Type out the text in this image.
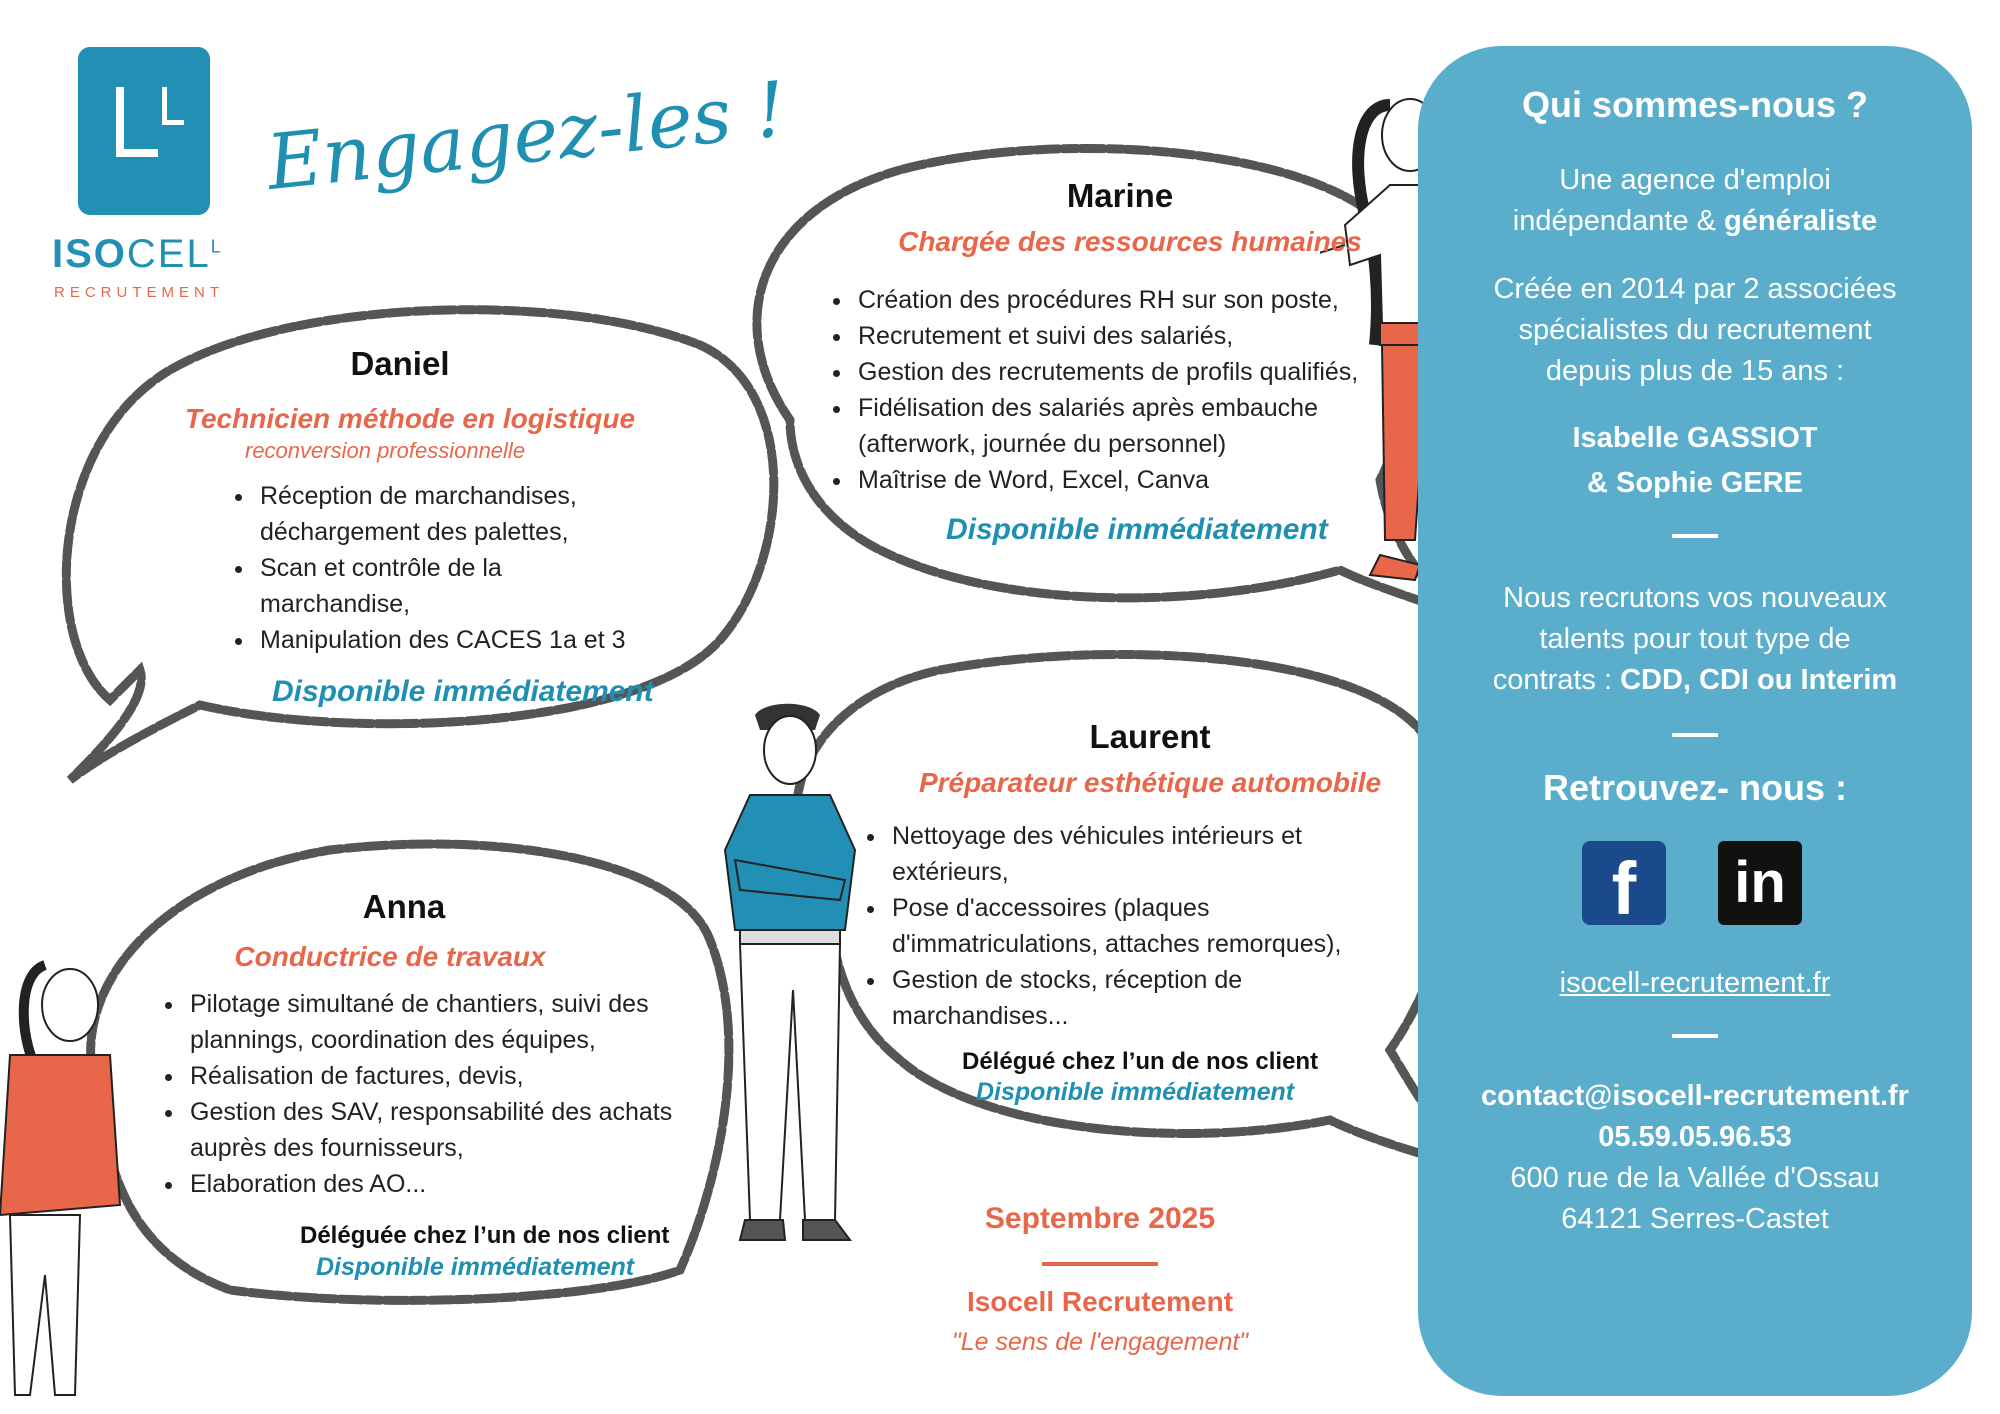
$ISOCEL^L$
RECRUTEMENT
Engagez-les !
Daniel
Technicien méthode en logistique
reconversion professionnelle
• Réception de marchandises, déchargement des palettes,
• Scan et contrôle de la marchandise,
• Manipulation des CACES 1a et 3
Disponible immédiatement
Marine
Chargée des ressources humaines
• Création des procédures RH sur son poste,
• Recrutement et suivi des salariés,
• Gestion des recrutements de profils qualifiés,
• Fidélisation des salariés après embauche (afterwork, journée du personnel)
• Maîtrise de Word, Excel, Canva
Disponible immédiatement
Laurent
Préparateur esthétique automobile
• Nettoyage des véhicules intérieurs et extérieurs,
• Pose d'accessoires (plaques d'immatriculations, attaches remorques),
• Gestion de stocks, réception de marchandises...
Délégué chez l’un de nos client
Disponible immédiatement
Anna
Conductrice de travaux
• Pilotage simultané de chantiers, suivi des plannings, coordination des équipes,
• Réalisation de factures, devis,
• Gestion des SAV, responsabilité des achats auprès des fournisseurs,
• Elaboration des AO...
Déléguée chez l’un de nos client
Disponible immédiatement
Septembre 2025
Isocell Recrutement
"Le sens de l'engagement"
Qui sommes-nous ?
Une agence d'emploi
indépendante & généraliste
Créée en 2014 par 2 associées
spécialistes du recrutement
depuis plus de 15 ans :
Isabelle GASSIOT
& Sophie GERE
Nous recrutons vos nouveaux
talents pour tout type de
contrats : CDD, CDI ou Interim
Retrouvez- nous :
f	in
isocell-recrutement.fr
contact@isocell-recrutement.fr
05.59.05.96.53
600 rue de la Vallée d'Ossau
64121 Serres-Castet
